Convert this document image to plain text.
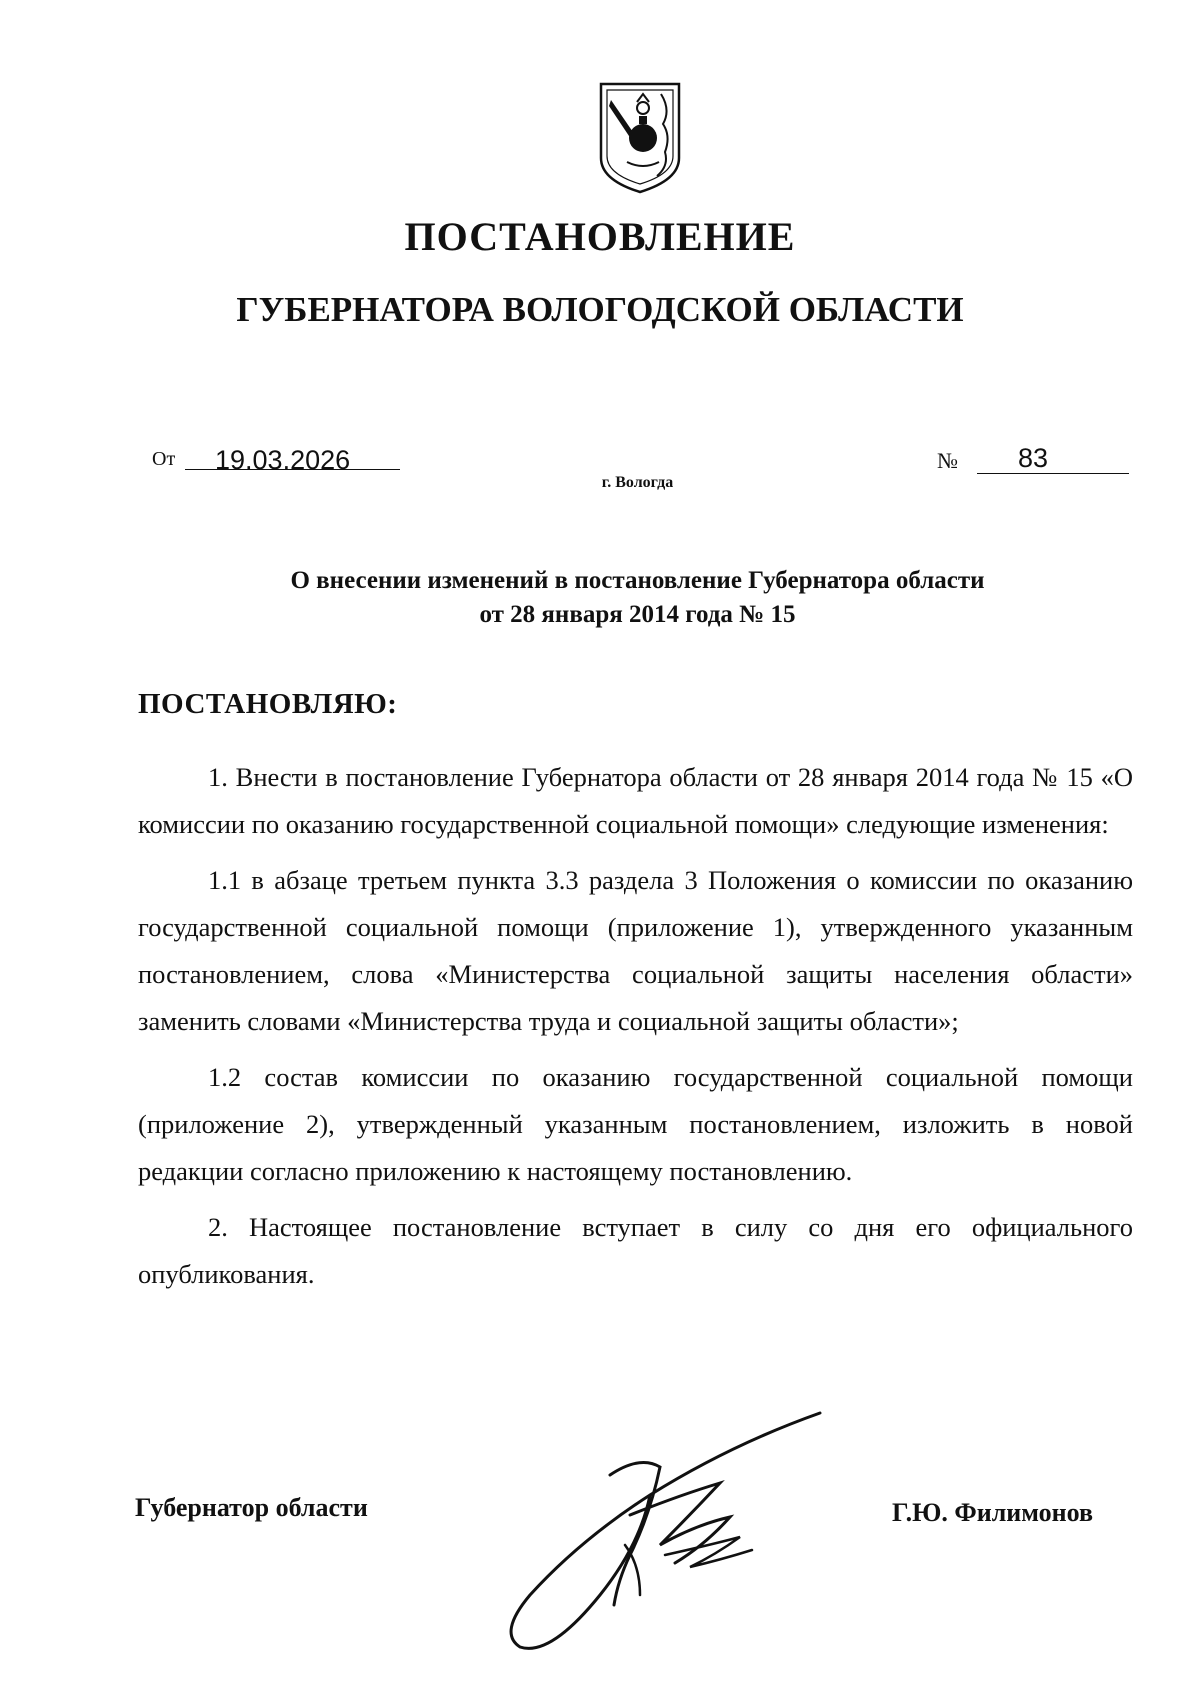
ПОСТАНОВЛЕНИЕ
ГУБЕРНАТОРА ВОЛОГОДСКОЙ ОБЛАСТИ
От 19.03.2026
г. Вологда
№ 83
О внесении изменений в постановление Губернатора области
от 28 января 2014 года № 15
ПОСТАНОВЛЯЮ:

1. Внести в постановление Губернатора области от 28 января 2014 года № 15 «О комиссии по оказанию государственной социальной помощи» следующие изменения:

1.1 в абзаце третьем пункта 3.3 раздела 3 Положения о комиссии по оказанию государственной социальной помощи (приложение 1), утвержденного указанным постановлением, слова «Министерства социальной защиты населения области» заменить словами «Министерства труда и социальной защиты области»;

1.2 состав комиссии по оказанию государственной социальной помощи (приложение 2), утвержденный указанным постановлением, изложить в новой редакции согласно приложению к настоящему постановлению.

2. Настоящее постановление вступает в силу со дня его официального опубликования.

Губернатор области	Г.Ю. Филимонов
